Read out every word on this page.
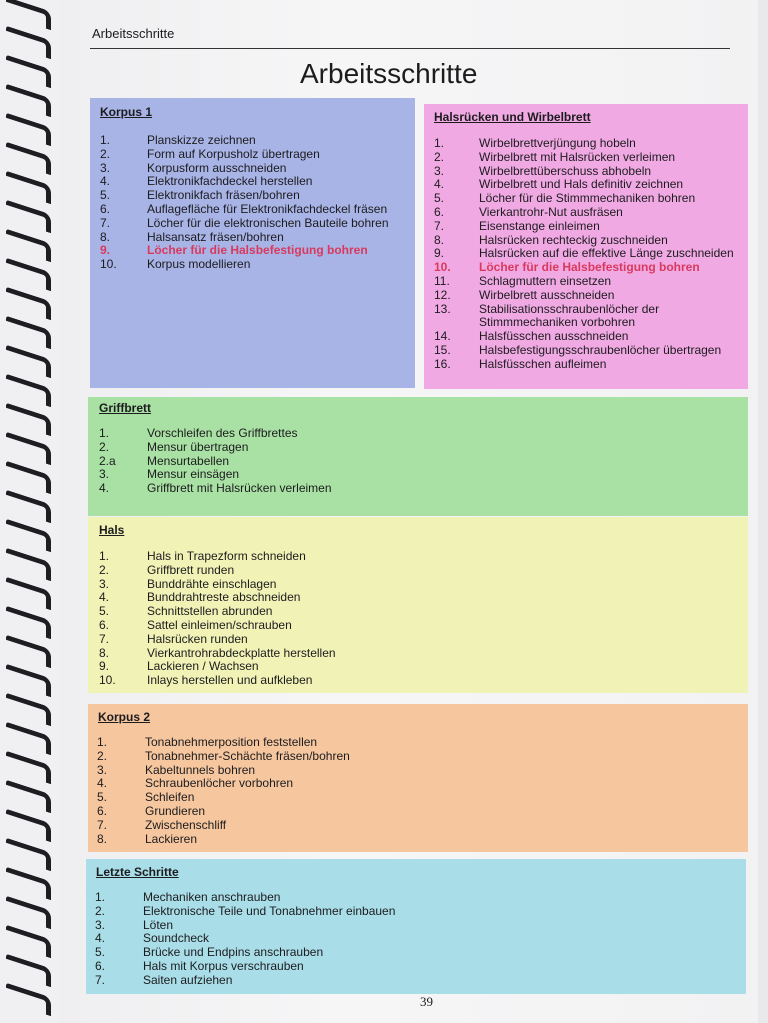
Arbeitsschritte
Arbeitsschritte
Korpus 1
1.	Planskizze zeichnen
2.	Form auf Korpusholz übertragen
3.	Korpusform ausschneiden
4.	Elektronikfachdeckel herstellen
5.	Elektronikfach fräsen/bohren
6.	Auflagefläche für Elektronikfachdeckel fräsen
7.	Löcher für die elektronischen Bauteile bohren
8.	Halsansatz fräsen/bohren
9.	Löcher für die Halsbefestigung bohren
10.	Korpus modellieren
Halsrücken und Wirbelbrett
1.	Wirbelbrettverjüngung hobeln
2.	Wirbelbrett mit Halsrücken verleimen
3.	Wirbelbrettüberschuss abhobeln
4.	Wirbelbrett und Hals definitiv zeichnen
5.	Löcher für die Stimmmechaniken bohren
6.	Vierkantrohr-Nut ausfräsen
7.	Eisenstange einleimen
8.	Halsrücken rechteckig zuschneiden
9.	Halsrücken auf die effektive Länge zuschneiden
10. Löcher für die Halsbefestigung bohren
11. Schlagmuttern einsetzen
12. Wirbelbrett ausschneiden
13. Stabilisationsschraubenlöcher der
Stimmmechaniken vorbohren
14. Halsfüsschen ausschneiden
15. Halsbefestigungsschraubenlöcher übertragen
16. Halsfüsschen aufleimen
Griffbrett
1.	Vorschleifen des Griffbrettes
2.	Mensur übertragen
2.a	Mensurtabellen
3.	Mensur einsägen
4.	Griffbrett mit Halsrücken verleimen
Hals
1.	Hals in Trapezform schneiden
2.	Griffbrett runden
3.	Bunddrähte einschlagen
4.	Bunddrahtreste abschneiden
5.	Schnittstellen abrunden
6.	Sattel einleimen/schrauben
7.	Halsrücken runden
8.	Vierkantrohrabdeckplatte herstellen
9.	Lackieren / Wachsen
10.	Inlays herstellen und aufkleben
Korpus 2
1.	Tonabnehmerposition feststellen
2.	Tonabnehmer-Schächte fräsen/bohren
3.	Kabeltunnels bohren
4.	Schraubenlöcher vorbohren
5.	Schleifen
6.	Grundieren
7.	Zwischenschliff
8.	Lackieren
Letzte Schritte
1.	Mechaniken anschrauben
2.	Elektronische Teile und Tonabnehmer einbauen
3.	Löten
4.	Soundcheck
5.	Brücke und Endpins anschrauben
6.	Hals mit Korpus verschrauben
7.	Saiten aufziehen
39
